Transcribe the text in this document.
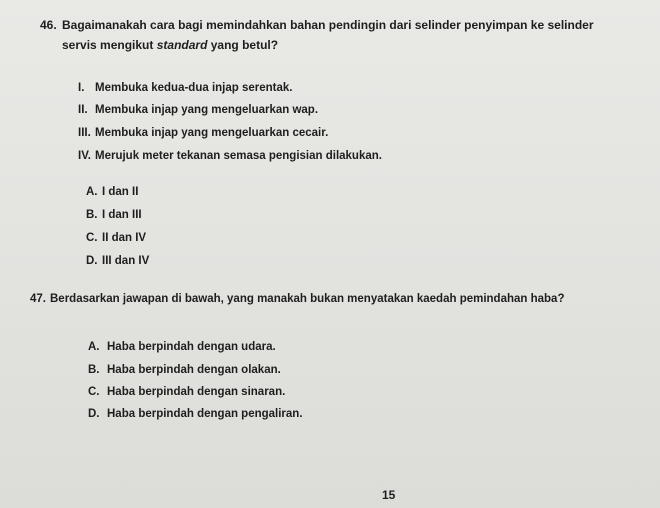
46. Bagaimanakah cara bagi memindahkan bahan pendingin dari selinder penyimpan ke selinder
servis mengikut standard yang betul?
I. Membuka kedua-dua injap serentak.
II. Membuka injap yang mengeluarkan wap.
III. Membuka injap yang mengeluarkan cecair.
IV. Merujuk meter tekanan semasa pengisian dilakukan.
A. I dan II
B. I dan III
C. II dan IV
D. III dan IV
47. Berdasarkan jawapan di bawah, yang manakah bukan menyatakan kaedah pemindahan haba?
A. Haba berpindah dengan udara.
B. Haba berpindah dengan olakan.
C. Haba berpindah dengan sinaran.
D. Haba berpindah dengan pengaliran.
15
